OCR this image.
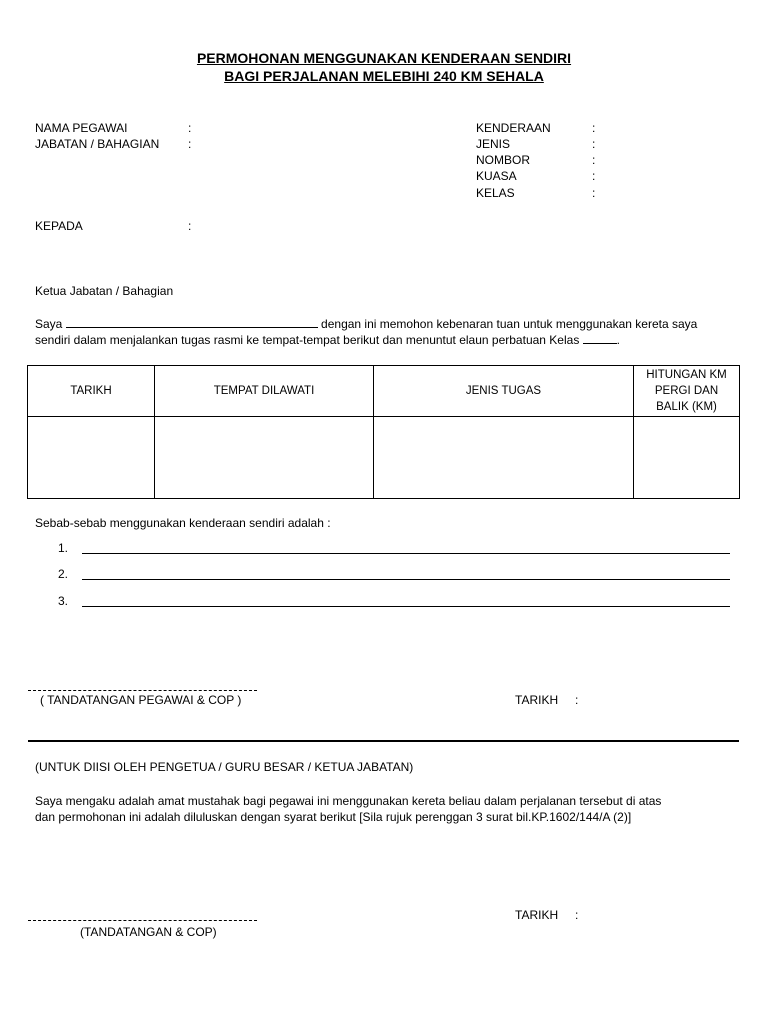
PERMOHONAN MENGGUNAKAN KENDERAAN SENDIRI
BAGI PERJALANAN MELEBIHI 240 KM SEHALA
NAMA PEGAWAI	:
JABATAN / BAHAGIAN :
KENDERAAN	:
JENIS	:
NOMBOR	:
KUASA	:
KELAS	:
KEPADA	:
Ketua Jabatan / Bahagian
Saya	dengan ini memohon kebenaran tuan untuk menggunakan kereta saya
sendiri dalam menjalankan tugas rasmi ke tempat-tempat berikut dan menuntut elaun perbatuan Kelas	.
TARIKH	TEMPAT DILAWATI	JENIS TUGAS	HITUNGAN KM
PERGI DAN
BALIK (KM)

Sebab-sebab menggunakan kenderaan sendiri adalah :
1.
2.
3.
( TANDATANGAN PEGAWAI & COP )	TARIKH :
(UNTUK DIISI OLEH PENGETUA / GURU BESAR / KETUA JABATAN)
Saya mengaku adalah amat mustahak bagi pegawai ini menggunakan kereta beliau dalam perjalanan tersebut di atas
dan permohonan ini adalah diluluskan dengan syarat berikut [Sila rujuk perenggan 3 surat bil.KP.1602/144/A (2)]
(TANDATANGAN & COP)
TARIKH :
